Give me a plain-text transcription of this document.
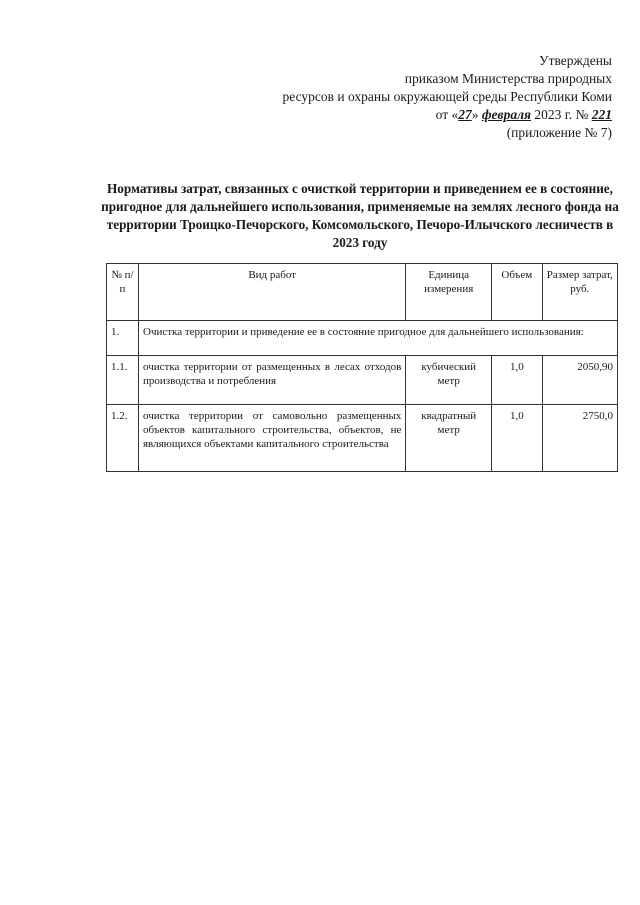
Утверждены
приказом Министерства природных
ресурсов и охраны окружающей среды Республики Коми
от «27» февраля 2023 г. № 221
(приложение № 7)
Нормативы затрат, связанных с очисткой территории и приведением ее в состояние, пригодное для дальнейшего использования, применяемые на землях лесного фонда на территории Троицко-Печорского, Комсомольского, Печоро-Илычского лесничеств в 2023 году
№ п/п	Вид работ	Единица измерения	Объем	Размер затрат, руб.
1.	Очистка территории и приведение ее в состояние пригодное для дальнейшего использования:			
1.1.	очистка территории от размещенных в лесах отходов производства и потребления	кубический метр	1,0	2050,90
1.2.	очистка территории от самовольно размещенных объектов капитального строительства, объектов, не являющихся объектами капитального строительства	квадратный метр	1,0	2750,0
